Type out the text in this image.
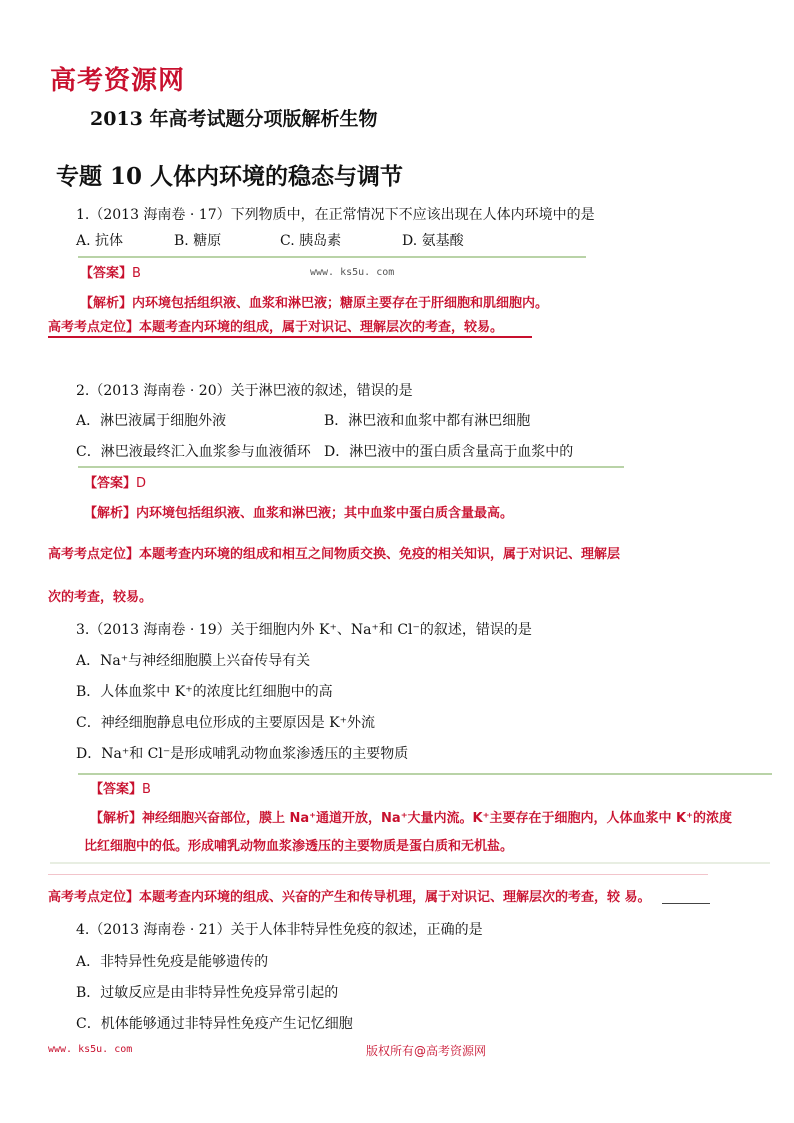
高考资源网
2013 年高考试题分项版解析生物
专题 10 人体内环境的稳态与调节
1.（2013 海南卷 · 17）下列物质中，在正常情况下不应该出现在人体内环境中的是
A. 抗体	B. 糖原	C. 胰岛素	D. 氨基酸
【答案】B	www. ks5u. com
【解析】内环境包括组织液、血浆和淋巴液；糖原主要存在于肝细胞和肌细胞内。
高考考点定位】本题考查内环境的组成，属于对识记、理解层次的考查，较易。
2.（2013 海南卷 · 20）关于淋巴液的叙述，错误的是
A．淋巴液属于细胞外液	B．淋巴液和血浆中都有淋巴细胞
C．淋巴液最终汇入血浆参与血液循环 D．淋巴液中的蛋白质含量高于血浆中的
【答案】D
【解析】内环境包括组织液、血浆和淋巴液；其中血浆中蛋白质含量最高。
高考考点定位】本题考查内环境的组成和相互之间物质交换、免疫的相关知识，属于对识记、理解层
次的考查，较易。
3.（2013 海南卷 · 19）关于细胞内外 K⁺、Na⁺和 Cl⁻的叙述，错误的是
A．Na⁺与神经细胞膜上兴奋传导有关
B．人体血浆中 K⁺的浓度比红细胞中的高
C．神经细胞静息电位形成的主要原因是 K⁺外流
D．Na⁺和 Cl⁻是形成哺乳动物血浆渗透压的主要物质
【答案】B
【解析】神经细胞兴奋部位，膜上 Na⁺通道开放，Na⁺大量内流。K⁺主要存在于细胞内，人体血浆中 K⁺的浓度
比红细胞中的低。形成哺乳动物血浆渗透压的主要物质是蛋白质和无机盐。
高考考点定位】本题考查内环境的组成、兴奋的产生和传导机理，属于对识记、理解层次的考查，较 易。
4.（2013 海南卷 · 21）关于人体非特异性免疫的叙述，正确的是
A．非特异性免疫是能够遗传的
B．过敏反应是由非特异性免疫异常引起的
C．机体能够通过非特异性免疫产生记忆细胞
www. ks5u. com	版权所有@高考资源网
